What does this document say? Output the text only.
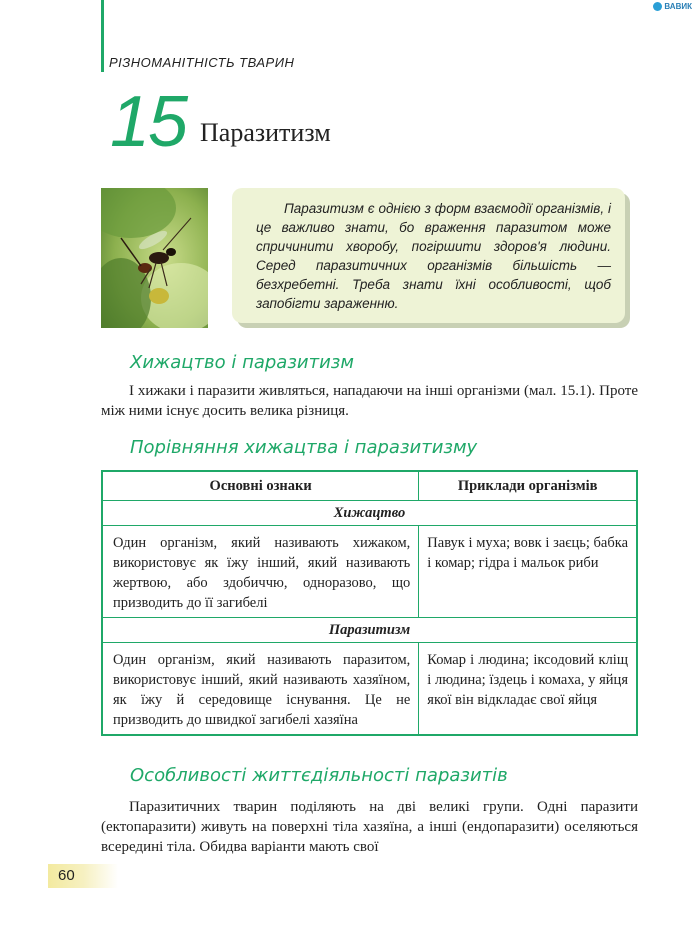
РІЗНОМАНІТНІСТЬ ТВАРИН
ВАВИК
15 Паразитизм

Паразитизм є однією з форм взаємодії організмів, і це важливо знати, бо враження паразитом може спричинити хворобу, погіршити здоров'я людини. Серед паразитичних організмів більшість — безхребетні. Треба знати їхні особливості, щоб запобігти зараженню.

Хижацтво і паразитизм

І хижаки і паразити живляться, нападаючи на інші організми (мал. 15.1). Проте між ними існує досить велика різниця.

Порівняння хижацтва і паразитизму
Основні ознаки	Приклади організмів
Хижацтво	
Один організм, який називають хижаком, використовує як їжу інший, який називають жертвою, або здобиччю, одноразово, що призводить до її загибелі	Павук і муха; вовк і заєць; бабка і комар; гідра і мальок риби
Паразитизм	
Один організм, який називають паразитом, використовує інший, який називають хазяїном, як їжу й середовище існування. Це не призводить до швидкої загибелі хазяїна	Комар і людина; іксодовий кліщ і людина; їздець і комаха, у яйця якої він відкладає свої яйця
Особливості життєдіяльності паразитів

Паразитичних тварин поділяють на дві великі групи. Одні паразити (ектопаразити) живуть на поверхні тіла хазяїна, а інші (ендопаразити) оселяються всередині тіла. Обидва варіанти мають свої

60
